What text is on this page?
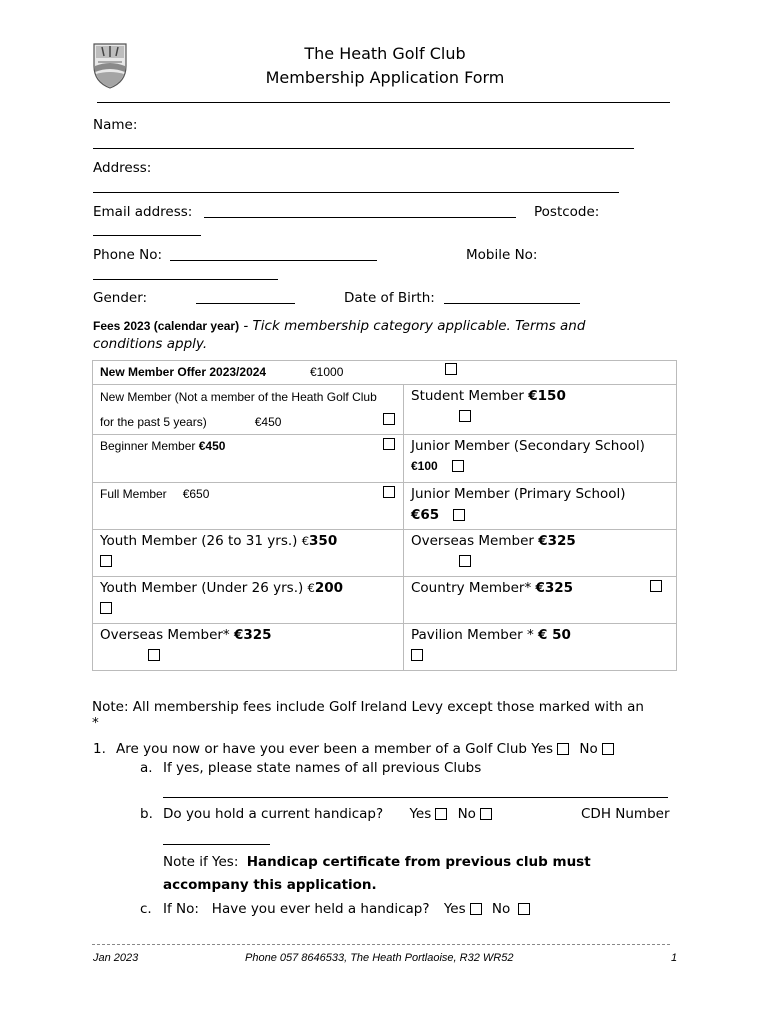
The Heath Golf Club
Membership Application Form
Name:
Address:
Email address:	Postcode:
Phone No:	Mobile No:
Gender:	Date of Birth:
Fees 2023 (calendar year) - Tick membership category applicable. Terms and conditions apply.
New Member Offer 2023/2024 €1000	

New Member (Not a member of the Heath Golf Club
for the past 5 years) €450	Student Member €150

Beginner Member €450	Junior Member (Secondary School)
€100

Full Member €650	Junior Member (Primary School)
€65

Youth Member (26 to 31 yrs.) €350	Overseas Member €325

Youth Member (Under 26 yrs.) €200	Country Member* €325

Overseas Member* €325	Pavilion Member * € 50
Note: All membership fees include Golf Ireland Levy except those marked with an
*
1. Are you now or have you ever been a member of a Golf Club Yes No
a. If yes, please state names of all previous Clubs
b. Do you hold a current handicap? Yes No	CDH Number
Note if Yes: Handicap certificate from previous club must
accompany this application.
c. If No:   Have you ever held a handicap? Yes No
Jan 2023	Phone 057 8646533, The Heath Portlaoise, R32 WR52	1
